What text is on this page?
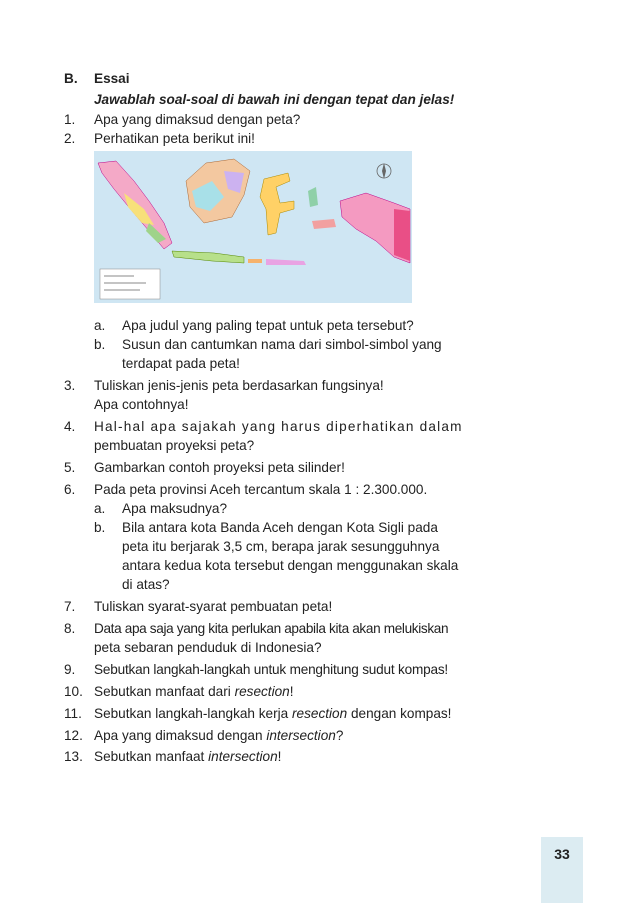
B. Essai
Jawablah soal-soal di bawah ini dengan tepat dan jelas!
1. Apa yang dimaksud dengan peta?
2. Perhatikan peta berikut ini!
a. Apa judul yang paling tepat untuk peta tersebut?
b. Susun dan cantumkan nama dari simbol-simbol yang
terdapat pada peta!
3. Tuliskan jenis-jenis peta berdasarkan fungsinya!
Apa contohnya!
4. Hal-hal apa sajakah yang harus diperhatikan dalam
pembuatan proyeksi peta?
5. Gambarkan contoh proyeksi peta silinder!
6. Pada peta provinsi Aceh tercantum skala 1 : 2.300.000.
a. Apa maksudnya?
b. Bila antara kota Banda Aceh dengan Kota Sigli pada
peta itu berjarak 3,5 cm, berapa jarak sesungguhnya
antara kedua kota tersebut dengan menggunakan skala
di atas?
7. Tuliskan syarat-syarat pembuatan peta!
8. Data apa saja yang kita perlukan apabila kita akan melukiskan
peta sebaran penduduk di Indonesia?
9. Sebutkan langkah-langkah untuk menghitung sudut kompas!
10. Sebutkan manfaat dari resection!
11. Sebutkan langkah-langkah kerja resection dengan kompas!
12. Apa yang dimaksud dengan intersection?
13. Sebutkan manfaat intersection!
33
